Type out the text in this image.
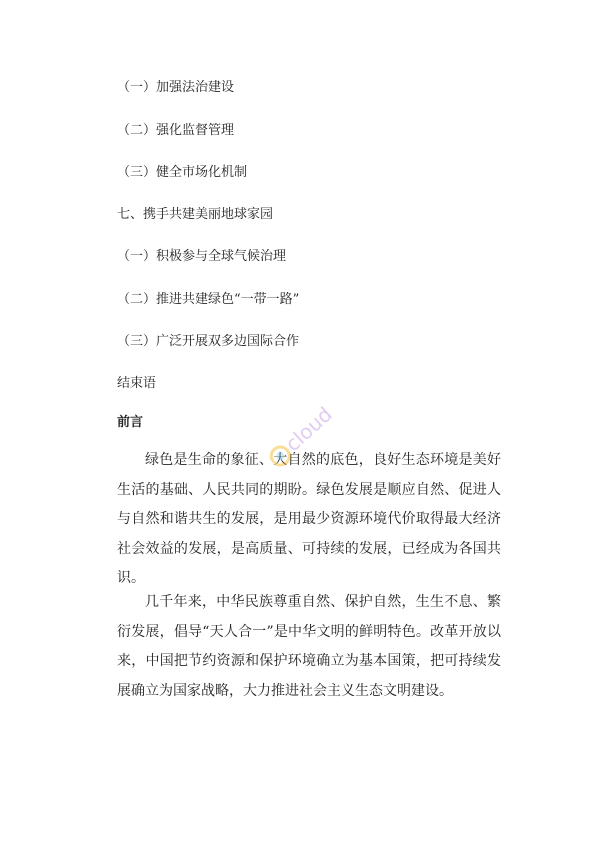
（一）加强法治建设
（二）强化监督管理
（三）健全市场化机制
七、携手共建美丽地球家园
（一）积极参与全球气候治理
（二）推进共建绿色“一带一路”
（三）广泛开展双多边国际合作
结束语
前言

绿色是生命的象征、大自然的底色，良好生态环境是美好生活的基础、人民共同的期盼。绿色发展是顺应自然、促进人与自然和谐共生的发展，是用最少资源环境代价取得最大经济社会效益的发展，是高质量、可持续的发展，已经成为各国共识。

几千年来，中华民族尊重自然、保护自然，生生不息、繁衍发展，倡导“天人合一”是中华文明的鲜明特色。改革开放以来，中国把节约资源和保护环境确立为基本国策，把可持续发展确立为国家战略，大力推进社会主义生态文明建设。

cloud
